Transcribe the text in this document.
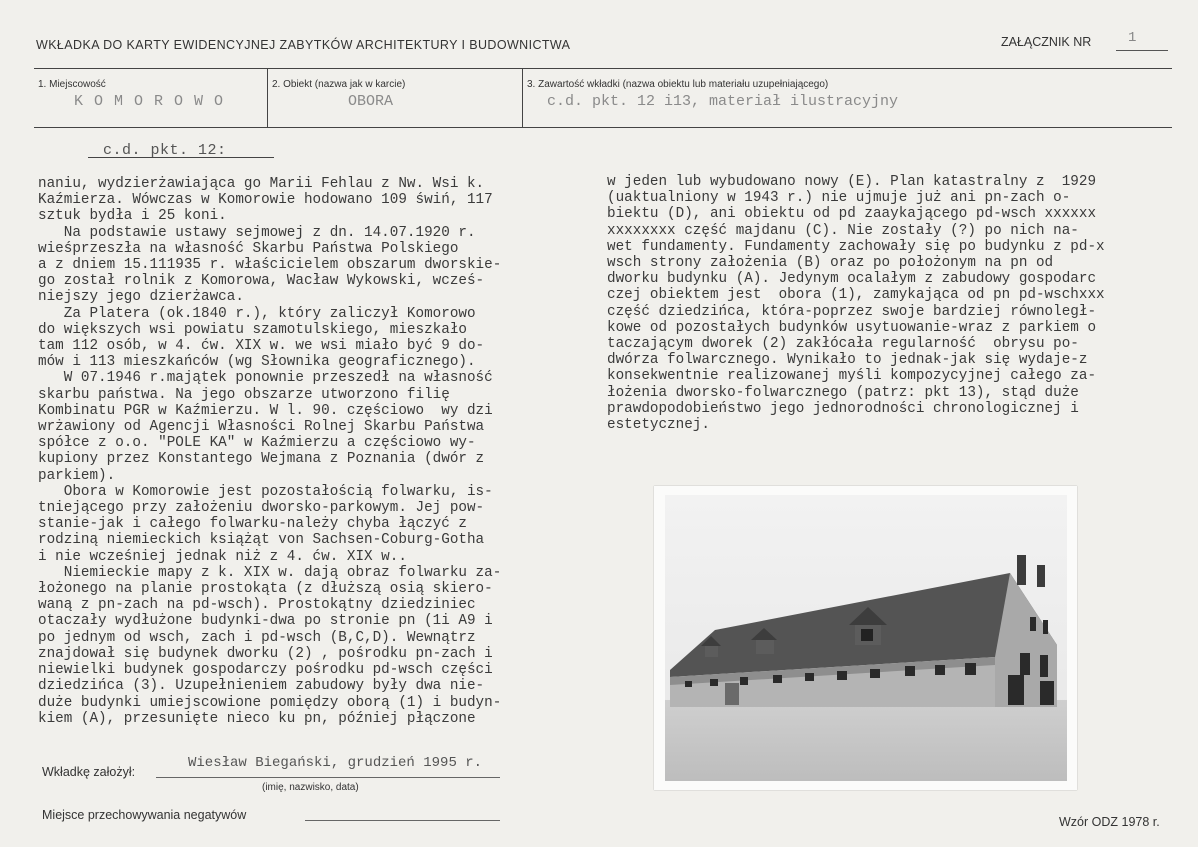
WKŁADKA DO KARTY EWIDENCYJNEJ ZABYTKÓW ARCHITEKTURY I BUDOWNICTWA	ZAŁĄCZNIK NR	1
1. Miejscowość
K O M O R O W O
2. Obiekt (nazwa jak w karcie)
OBORA
3. Zawartość wkładki (nazwa obiektu lub materiału uzupełniającego)
c.d. pkt. 12 i13, materiał ilustracyjny
c.d. pkt. 12:
naniu, wydzierżawiająca go Marii Fehlau z Nw. Wsi k.
Kaźmierza. Wówczas w Komorowie hodowano 109 świń, 117
sztuk bydła i 25 koni.
Na podstawie ustawy sejmowej z dn. 14.07.1920 r.
wieśprzeszła na własność Skarbu Państwa Polskiego
a z dniem 15.111935 r. właścicielem obszarum dworskie-
go został rolnik z Komorowa, Wacław Wykowski, wcześ-
niejszy jego dzierżawca.
Za Platera (ok.1840 r.), który zaliczył Komorowo
do większych wsi powiatu szamotulskiego, mieszkało
tam 112 osób, w 4. ćw. XIX w. we wsi miało być 9 do-
mów i 113 mieszkańców (wg Słownika geograficznego).
W 07.1946 r.majątek ponownie przeszedł na własność
skarbu państwa. Na jego obszarze utworzono filię
Kombinatu PGR w Kaźmierzu. W l. 90. częściowo  wy dzi
wrżawiony od Agencji Własności Rolnej Skarbu Państwa
spółce z o.o. "POLE KA" w Kaźmierzu a częściowo wy-
kupiony przez Konstantego Wejmana z Poznania (dwór z
parkiem).
Obora w Komorowie jest pozostałością folwarku, is-
tniejącego przy założeniu dworsko-parkowym. Jej pow-
stanie-jak i całego folwarku-należy chyba łączyć z
rodziną niemieckich książąt von Sachsen-Coburg-Gotha
i nie wcześniej jednak niż z 4. ćw. XIX w..
Niemieckie mapy z k. XIX w. dają obraz folwarku za-
łożonego na planie prostokąta (z dłuższą osią skiero-
waną z pn-zach na pd-wsch). Prostokątny dziedziniec
otaczały wydłużone budynki-dwa po stronie pn (1i A9 i
po jednym od wsch, zach i pd-wsch (B,C,D). Wewnątrz
znajdował się budynek dworku (2) , pośrodku pn-zach i
niewielki budynek gospodarczy pośrodku pd-wsch części
dziedzińca (3). Uzupełnieniem zabudowy były dwa nie-
duże budynki umiejscowione pomiędzy oborą (1) i budyn-
kiem (A), przesunięte nieco ku pn, później płączone
w jeden lub wybudowano nowy (E). Plan katastralny z  1929
(uaktualniony w 1943 r.) nie ujmuje już ani pn-zach o-
biektu (D), ani obiektu od pd zaaykającego pd-wsch xxxxxx
xxxxxxxx część majdanu (C). Nie zostały (?) po nich na-
wet fundamenty. Fundamenty zachowały się po budynku z pd-x
wsch strony założenia (B) oraz po położonym na pn od
dworku budynku (A). Jedynym ocalałym z zabudowy gospodarc
czej obiektem jest  obora (1), zamykająca od pn pd-wschxxx
część dziedzińca, która-poprzez swoje bardziej równoległ-
kowe od pozostałych budynków usytuowanie-wraz z parkiem o
taczającym dworek (2) zakłócała regularność  obrysu po-
dwórza folwarcznego. Wynikało to jednak-jak się wydaje-z
konsekwentnie realizowanej myśli kompozycyjnej całego za-
łożenia dworsko-folwarcznego (patrz: pkt 13), stąd duże
prawdopodobieństwo jego jednorodności chronologicznej i
estetycznej.
Wkładkę założył:
Wiesław Biegański, grudzień 1995 r.
(imię, nazwisko, data)
Miejsce przechowywania negatywów	Wzór ODZ 1978 r.
